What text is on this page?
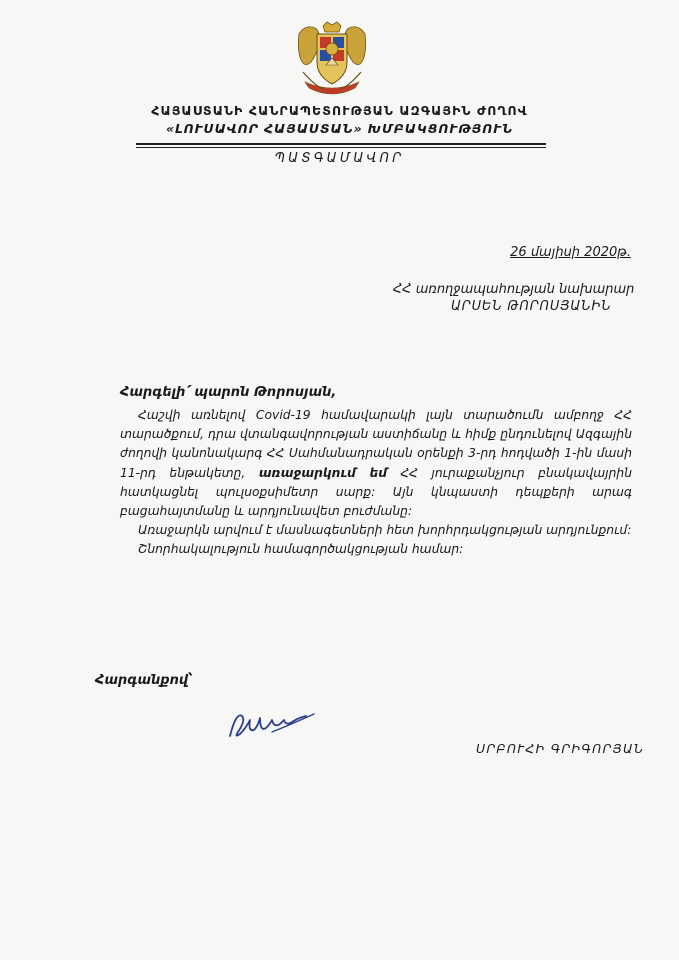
ՀԱՅԱՍՏԱՆԻ ՀԱՆՐԱՊԵՏՈՒԹՅԱՆ ԱԶԳԱՅԻՆ ԺՈՂՈՎ
«ԼՈՒՍԱՎՈՐ ՀԱՅԱՍՏԱՆ» ԽՄԲԱԿՑՈՒԹՅՈՒՆ
ՊԱՏԳԱՄԱՎՈՐ
26 մայիսի 2020թ.
ՀՀ առողջապահության նախարար
ԱՐՍԵՆ ԹՈՐՈՍՅԱՆԻՆ
Հարգելի՛ պարոն Թորոսյան,

Հաշվի առնելով Covid-19 համավարակի լայն տարածումն ամբողջ ՀՀ տարածքում, դրա վտանգավորության աստիճանը և հիմք ընդունելով Ազգային ժողովի կանոնակարգ ՀՀ Սահմանադրական օրենքի 3-րդ հոդվածի 1-ին մասի 11-րդ ենթակետը, առաջարկում եմ ՀՀ յուրաքանչյուր բնակավայրին հատկացնել պուլսօքսիմետր սարք: Այն կնպաստի դեպքերի արագ բացահայտմանը և արդյունավետ բուժմանը:

Առաջարկն արվում է մասնագետների հետ խորհրդակցության արդյունքում:

Շնորհակալություն համագործակցության համար:

Հարգանքով՝
ՍՐԲՈՒՀԻ ԳՐԻԳՈՐՅԱՆ
